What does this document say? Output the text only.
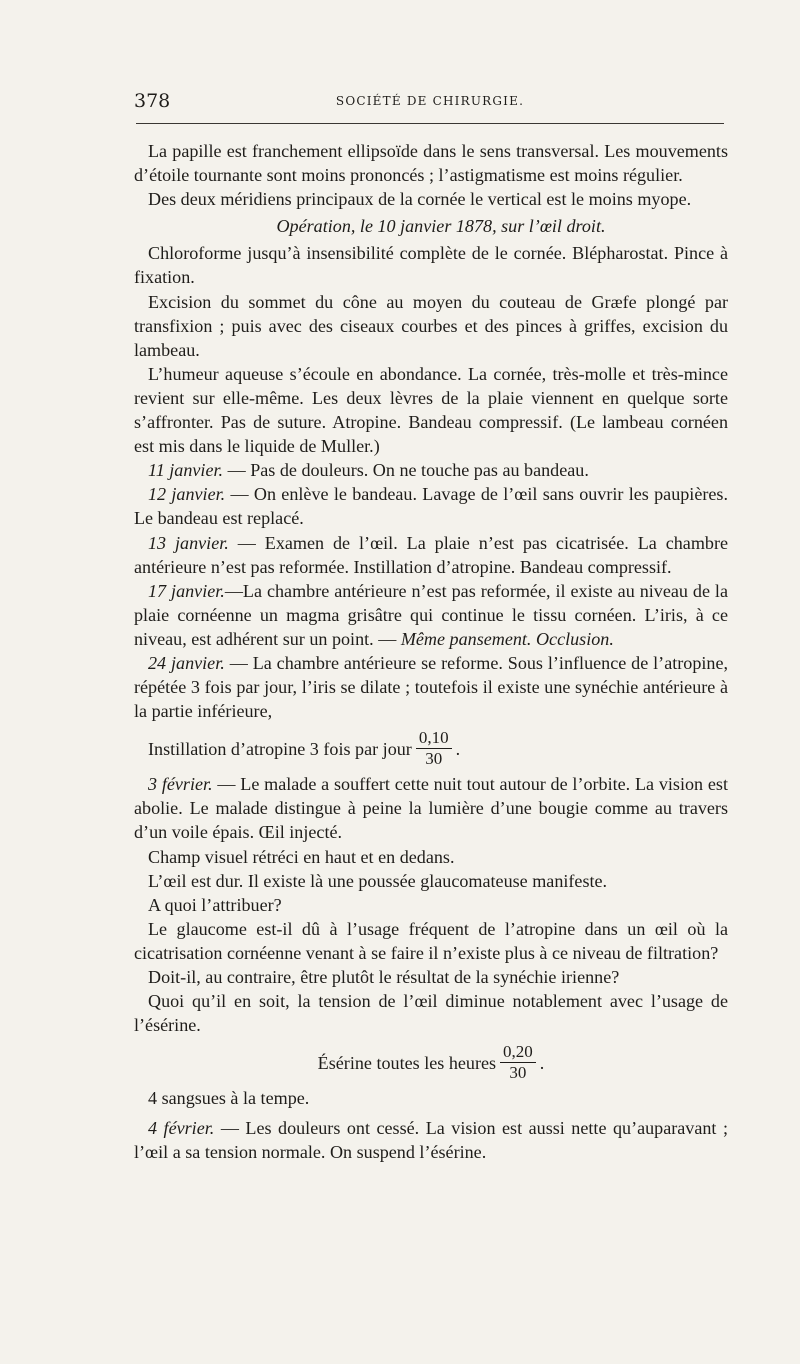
378	SOCIÉTÉ DE CHIRURGIE.

La papille est franchement ellipsoïde dans le sens transversal. Les mouvements d’étoile tournante sont moins prononcés ; l’astigmatisme est moins régulier.

Des deux méridiens principaux de la cornée le vertical est le moins myope.

Opération, le 10 janvier 1878, sur l’œil droit.

Chloroforme jusqu’à insensibilité complète de le cornée. Blépharostat. Pince à fixation.

Excision du sommet du cône au moyen du couteau de Græfe plongé par transfixion ; puis avec des ciseaux courbes et des pinces à griffes, excision du lambeau.

L’humeur aqueuse s’écoule en abondance. La cornée, très-molle et très-mince revient sur elle-même. Les deux lèvres de la plaie viennent en quelque sorte s’affronter. Pas de suture. Atropine. Bandeau compressif. (Le lambeau cornéen est mis dans le liquide de Muller.)

11 janvier. — Pas de douleurs. On ne touche pas au bandeau.

12 janvier. — On enlève le bandeau. Lavage de l’œil sans ouvrir les paupières. Le bandeau est replacé.

13 janvier. — Examen de l’œil. La plaie n’est pas cicatrisée. La chambre antérieure n’est pas reformée. Instillation d’atropine. Bandeau compressif.

17 janvier.—La chambre antérieure n’est pas reformée, il existe au niveau de la plaie cornéenne un magma grisâtre qui continue le tissu cornéen. L’iris, à ce niveau, est adhérent sur un point. — Même pansement. Occlusion.

24 janvier. — La chambre antérieure se reforme. Sous l’influence de l’atropine, répétée 3 fois par jour, l’iris se dilate ; toutefois il existe une synéchie antérieure à la partie inférieure,

Instillation d’atropine 3 fois par jour $\frac{0,10}{30}$ .

3 février. — Le malade a souffert cette nuit tout autour de l’orbite. La vision est abolie. Le malade distingue à peine la lumière d’une bougie comme au travers d’un voile épais. Œil injecté.

Champ visuel rétréci en haut et en dedans.

L’œil est dur. Il existe là une poussée glaucomateuse manifeste.

A quoi l’attribuer?

Le glaucome est-il dû à l’usage fréquent de l’atropine dans un œil où la cicatrisation cornéenne venant à se faire il n’existe plus à ce niveau de filtration?

Doit-il, au contraire, être plutôt le résultat de la synéchie irienne?

Quoi qu’il en soit, la tension de l’œil diminue notablement avec l’usage de l’ésérine.

Ésérine toutes les heures $\frac{0,20}{30}$ .

4 sangsues à la tempe.

4 février. — Les douleurs ont cessé. La vision est aussi nette qu’auparavant ; l’œil a sa tension normale. On suspend l’ésérine.
